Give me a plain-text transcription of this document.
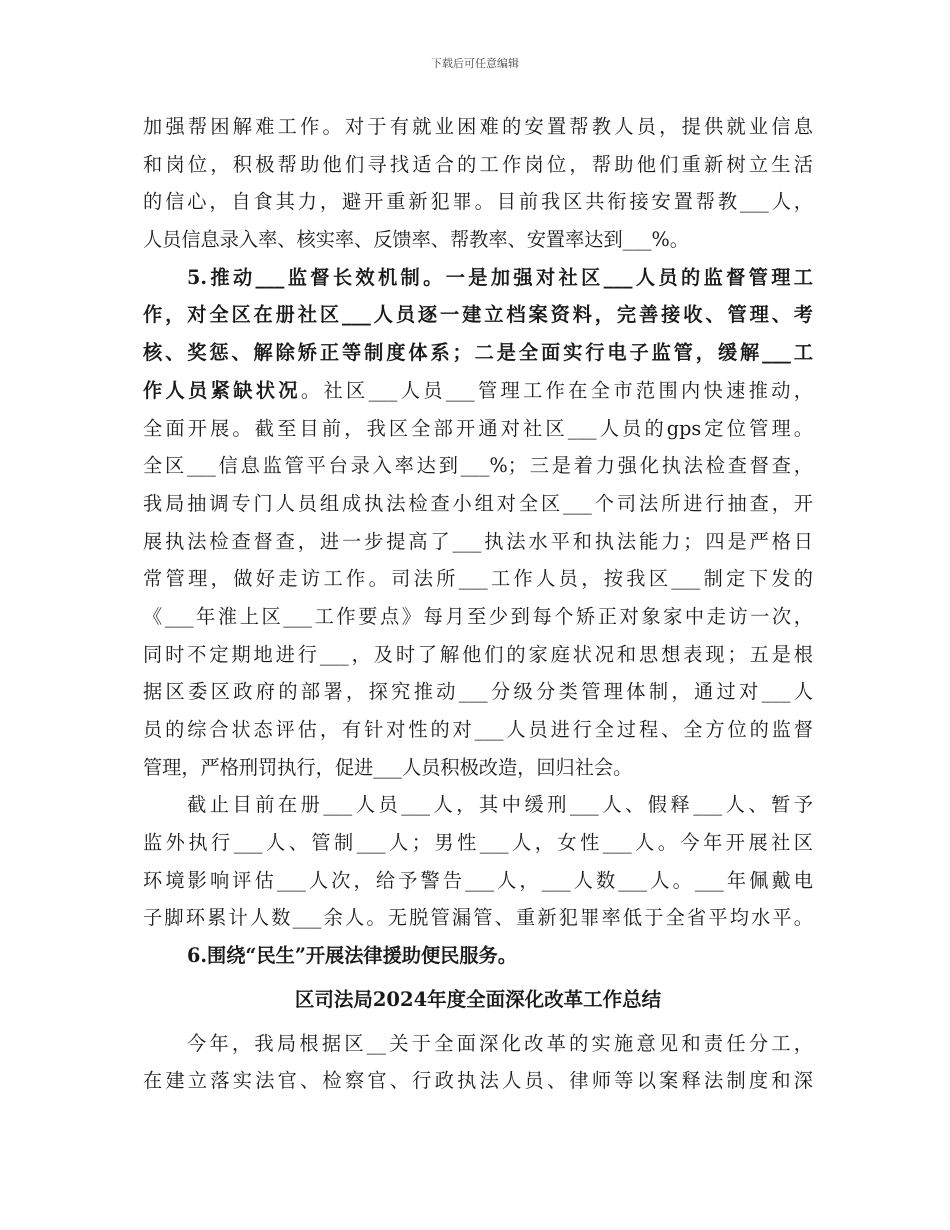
下载后可任意编辑
加强帮困解难工作。对于有就业困难的安置帮教人员，提供就业信息
和岗位，积极帮助他们寻找适合的工作岗位，帮助他们重新树立生活
的信心，自食其力，避开重新犯罪。目前我区共衔接安置帮教___人，
人员信息录入率、核实率、反馈率、帮教率、安置率达到___%。
5.推动___监督长效机制。一是加强对社区___人员的监督管理工
作，对全区在册社区___人员逐一建立档案资料，完善接收、管理、考
核、奖惩、解除矫正等制度体系；二是全面实行电子监管，缓解___工
作人员紧缺状况。社区___人员___管理工作在全市范围内快速推动，
全面开展。截至目前，我区全部开通对社区___人员的gps定位管理。
全区___信息监管平台录入率达到___%；三是着力强化执法检查督查，
我局抽调专门人员组成执法检查小组对全区___个司法所进行抽查，开
展执法检查督查，进一步提高了___执法水平和执法能力；四是严格日
常管理，做好走访工作。司法所___工作人员，按我区___制定下发的
《___年淮上区___工作要点》每月至少到每个矫正对象家中走访一次，
同时不定期地进行___，及时了解他们的家庭状况和思想表现；五是根
据区委区政府的部署，探究推动___分级分类管理体制，通过对___人
员的综合状态评估，有针对性的对___人员进行全过程、全方位的监督
管理，严格刑罚执行，促进___人员积极改造，回归社会。
截止目前在册___人员___人，其中缓刑___人、假释___人、暂予
监外执行___人、管制___人；男性___人，女性___人。今年开展社区
环境影响评估___人次，给予警告___人，___人数___人。___年佩戴电
子脚环累计人数___余人。无脱管漏管、重新犯罪率低于全省平均水平。
6.围绕“民生”开展法律援助便民服务。
区司法局2024年度全面深化改革工作总结
今年，我局根据区__关于全面深化改革的实施意见和责任分工，
在建立落实法官、检察官、行政执法人员、律师等以案释法制度和深
